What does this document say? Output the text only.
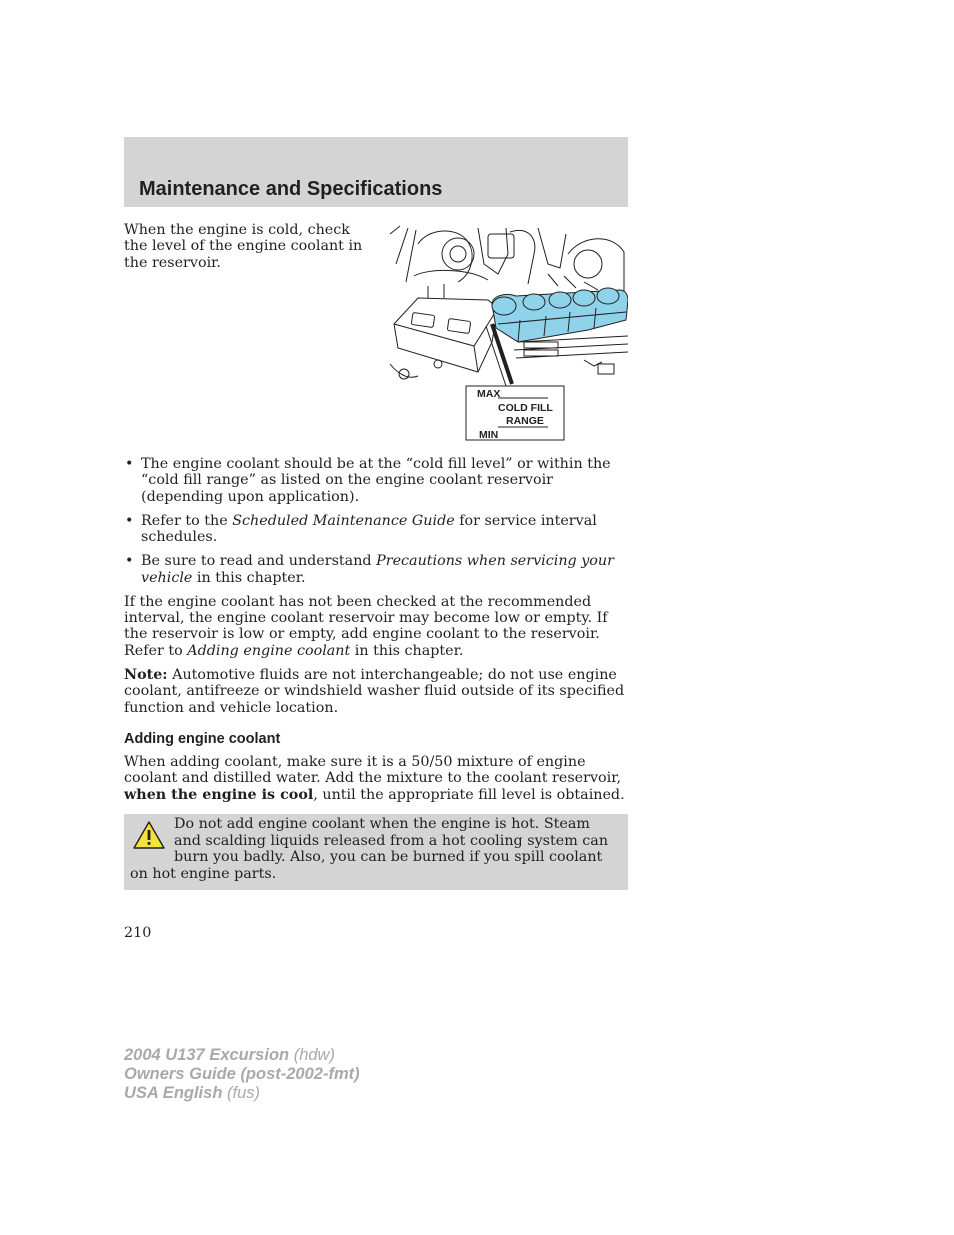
Maintenance and Specifications
When the engine is cold, check the level of the engine coolant in the reservoir.
MAX
COLD FILL
RANGE
MIN
• The engine coolant should be at the “cold fill level” or within the “cold fill range” as listed on the engine coolant reservoir (depending upon application).
• Refer to the Scheduled Maintenance Guide for service interval schedules.
• Be sure to read and understand Precautions when servicing your vehicle in this chapter.

If the engine coolant has not been checked at the recommended interval, the engine coolant reservoir may become low or empty. If the reservoir is low or empty, add engine coolant to the reservoir. Refer to Adding engine coolant in this chapter.

Note: Automotive fluids are not interchangeable; do not use engine coolant, antifreeze or windshield washer fluid outside of its specified function and vehicle location.

Adding engine coolant

When adding coolant, make sure it is a 50/50 mixture of engine coolant and distilled water. Add the mixture to the coolant reservoir, when the engine is cool, until the appropriate fill level is obtained.

Do not add engine coolant when the engine is hot. Steam and scalding liquids released from a hot cooling system can burn you badly. Also, you can be burned if you spill coolant on hot engine parts.
210
2004 U137 Excursion (hdw)
Owners Guide (post-2002-fmt)
USA English (fus)
